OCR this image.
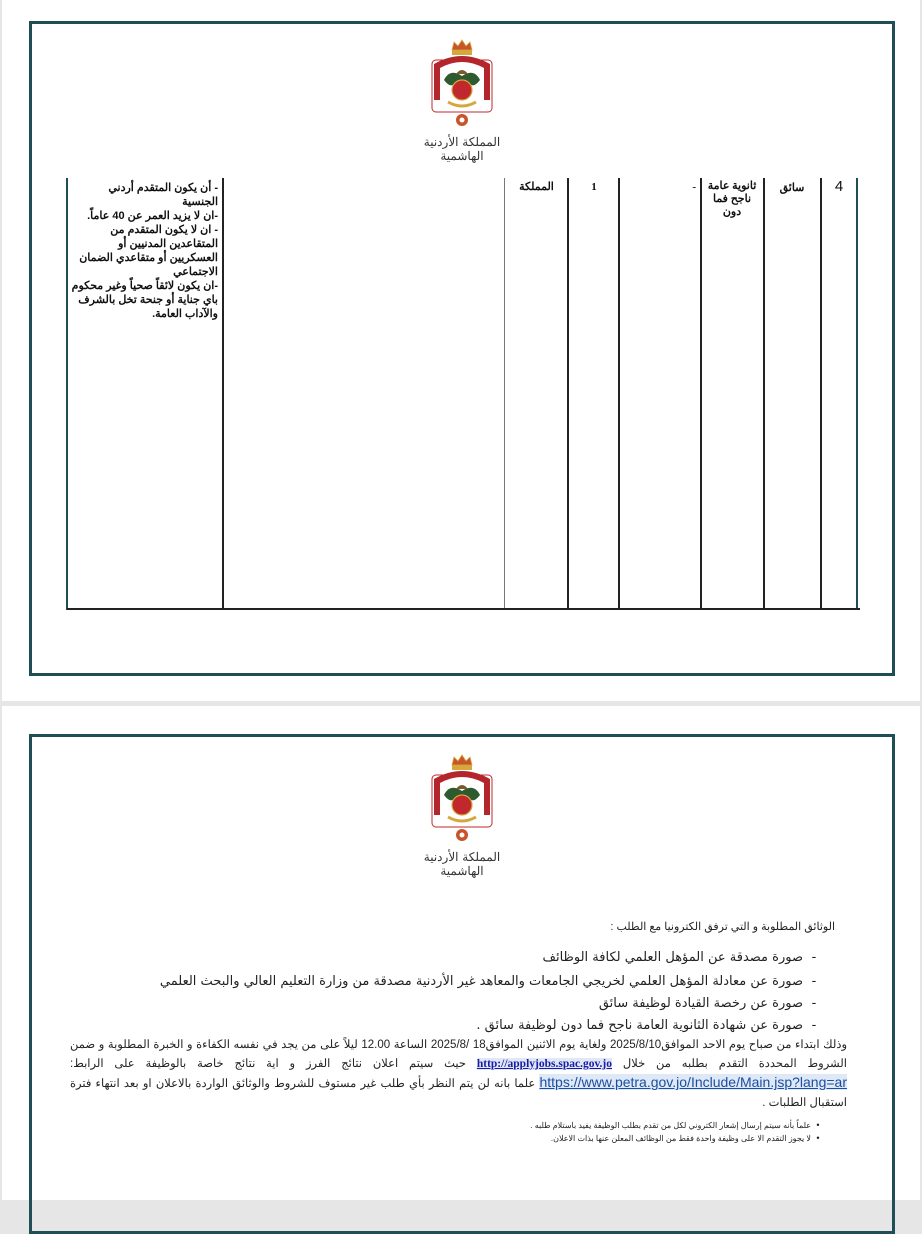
المملكة الأردنية الهاشمية
4
سائق
ثانوية عامة ناجح فما دون
-
1
المملكة
- أن يكون المتقدم أردني الجنسية
-ان لا يزيد العمر عن 40 عاماً.
- ان لا يكون المتقدم من المتقاعدين المدنيين أو العسكريين أو متقاعدي الضمان الاجتماعي
-ان يكون لائقاً صحياً وغير محكوم باي جناية أو جنحة تخل بالشرف والآداب العامة.
المملكة الأردنية الهاشمية
الوثائق المطلوبة و التي ترفق الكترونيا مع الطلب :
-صورة مصدقة عن المؤهل العلمي لكافة الوظائف
-صورة عن معادلة المؤهل العلمي لخريجي الجامعات والمعاهد غير الأردنية مصدقة من وزارة التعليم العالي والبحث العلمي
-صورة عن رخصة القيادة لوظيفة سائق
-صورة عن شهادة الثانوية العامة ناجح فما دون لوظيفة سائق .
وذلك ابتداء من صباح يوم الاحد الموافق2025/8/10 ولغاية يوم الاثنين الموافق18 /2025/8 الساعة 12.00 ليلاً على من يجد في نفسه الكفاءة و الخبرة المطلوبة و ضمن الشروط المحددة التقدم بطلبه من خلال http://applyjobs.spac.gov.jo حيث سيتم اعلان نتائج الفرز و اية نتائج خاصة بالوظيفة على الرابط: https://www.petra.gov.jo/Include/Main.jsp?lang=ar علما بانه لن يتم النظر بأي طلب غير مستوف للشروط والوثائق الواردة بالاعلان او بعد انتهاء فترة استقبال الطلبات .
•علماً بأنه سيتم إرسال إشعار الكتروني لكل من تقدم بطلب الوظيفة يفيد باستلام طلبه .
•لا يجوز التقدم الا على وظيفة واحدة فقط من الوظائف المعلن عنها بذات الاعلان.
